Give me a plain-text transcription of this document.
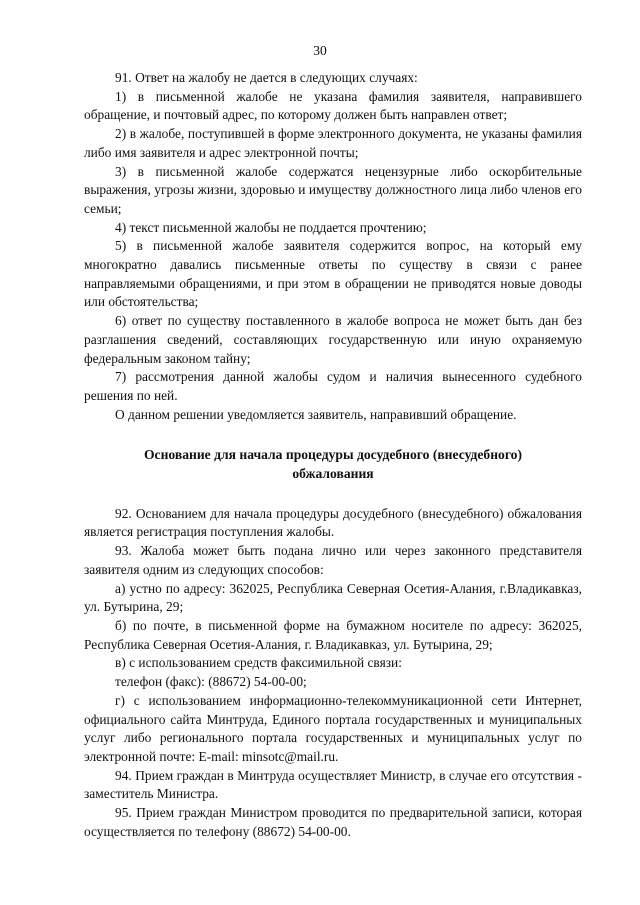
30

91. Ответ на жалобу не дается в следующих случаях:

1) в письменной жалобе не указана фамилия заявителя, направившего обращение, и почтовый адрес, по которому должен быть направлен ответ;

2) в жалобе, поступившей в форме электронного документа, не указаны фамилия либо имя заявителя и адрес электронной почты;

3) в письменной жалобе содержатся нецензурные либо оскорбительные выражения, угрозы жизни, здоровью и имуществу должностного лица либо членов его семьи;

4) текст письменной жалобы не поддается прочтению;

5) в письменной жалобе заявителя содержится вопрос, на который ему многократно давались письменные ответы по существу в связи с ранее направляемыми обращениями, и при этом в обращении не приводятся новые доводы или обстоятельства;

6) ответ по существу поставленного в жалобе вопроса не может быть дан без разглашения сведений, составляющих государственную или иную охраняемую федеральным законом тайну;

7) рассмотрения данной жалобы судом и наличия вынесенного судебного решения по ней.

О данном решении уведомляется заявитель, направивший обращение.

Основание для начала процедуры досудебного (внесудебного)
обжалования

92. Основанием для начала процедуры досудебного (внесудебного) обжалования является регистрация поступления жалобы.

93. Жалоба может быть подана лично или через законного представителя заявителя одним из следующих способов:

а) устно по адресу: 362025, Республика Северная Осетия-Алания, г.Владикавказ, ул. Бутырина, 29;

б) по почте, в письменной форме на бумажном носителе по адресу: 362025, Республика Северная Осетия-Алания, г. Владикавказ, ул. Бутырина, 29;

в) с использованием средств факсимильной связи:

телефон (факс): (88672) 54-00-00;

г) с использованием информационно-телекоммуникационной сети Интернет, официального сайта Минтруда, Единого портала государственных и муниципальных услуг либо регионального портала государственных и муниципальных услуг по электронной почте: E-mail: minsotc@mail.ru.

94. Прием граждан в Минтруда осуществляет Министр, в случае его отсутствия - заместитель Министра.

95. Прием граждан Министром проводится по предварительной записи, которая осуществляется по телефону (88672) 54-00-00.
